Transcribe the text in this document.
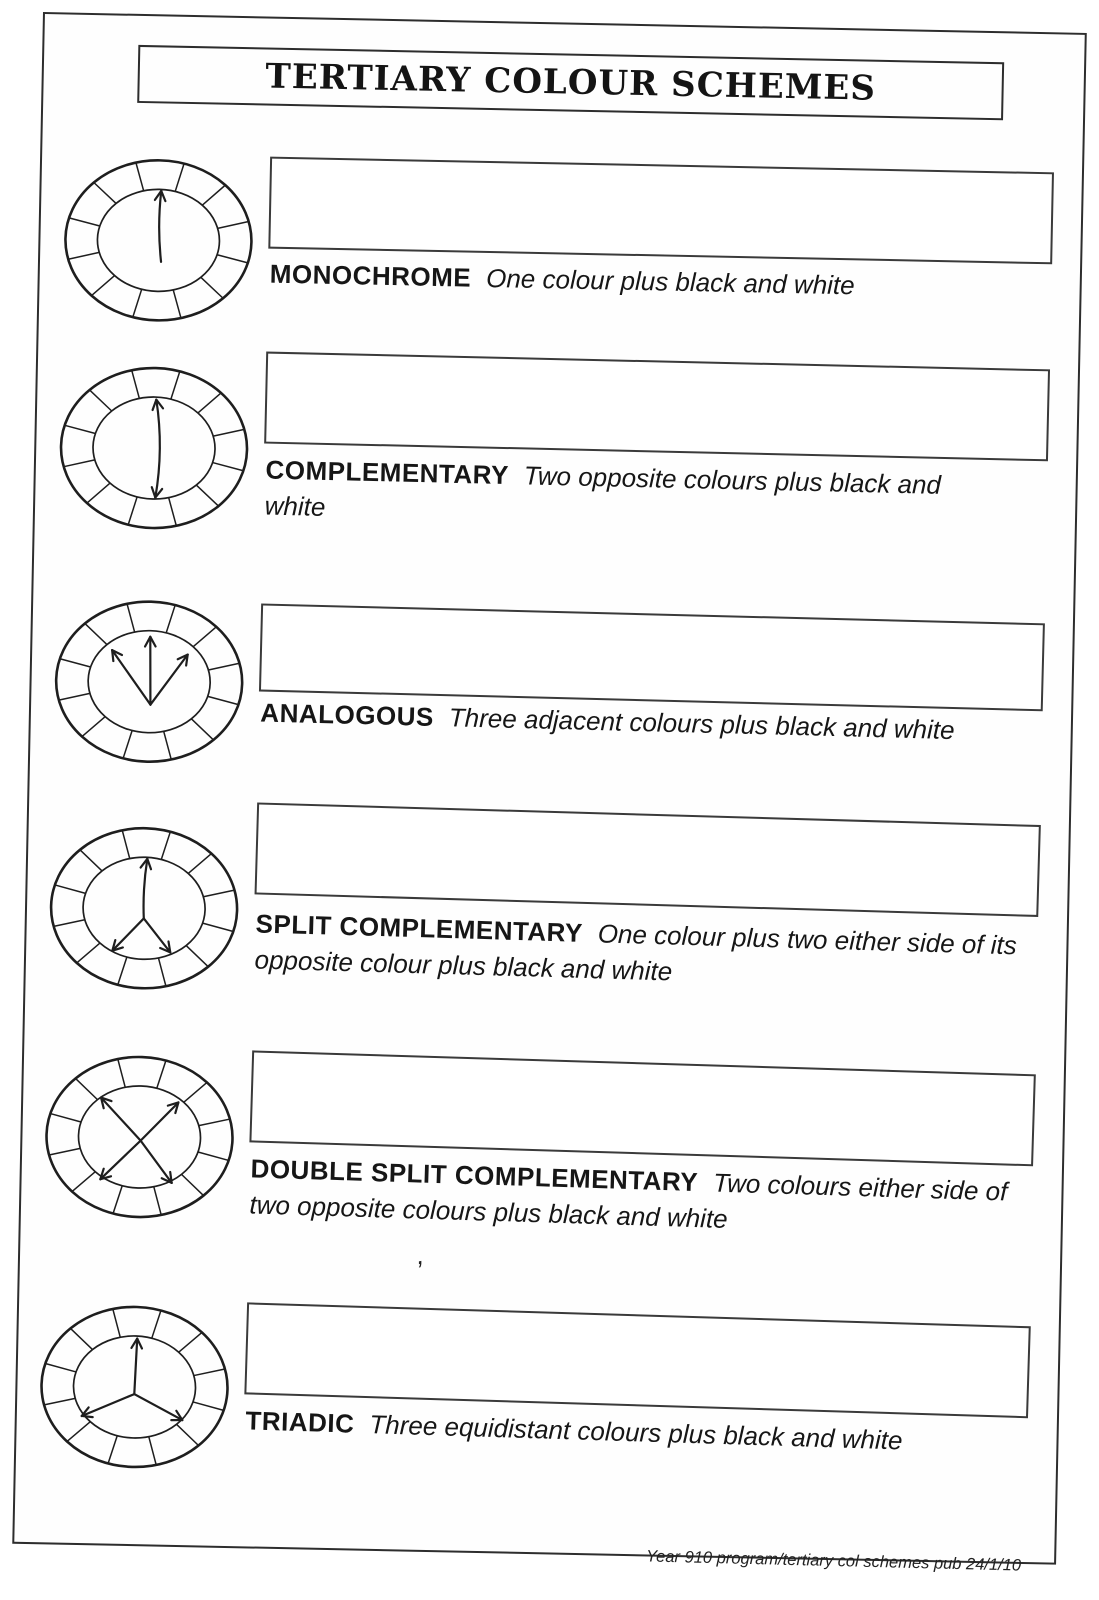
TERTIARY COLOUR SCHEMES

MONOCHROME One colour plus black and white

COMPLEMENTARY Two opposite colours plus black and white

ANALOGOUS Three adjacent colours plus black and white

SPLIT COMPLEMENTARY One colour plus two either side of its opposite colour plus black and white

DOUBLE SPLIT COMPLEMENTARY Two colours either side of two opposite colours plus black and white

TRIADIC Three equidistant colours plus black and white

,
Year 910 program/tertiary col schemes pub 24/1/10
